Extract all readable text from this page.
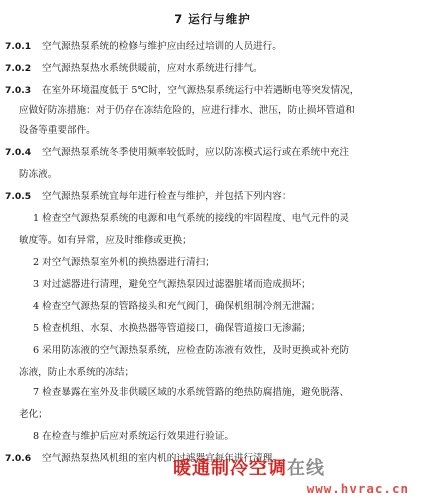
7 运行与维护
7.0.1 空气源热泵系统的检修与维护应由经过培训的人员进行。
7.0.2 空气源热泵热水系统供暖前，应对水系统进行排气。
7.0.3 在室外环境温度低于 5℃时，空气源热泵系统运行中若遇断电等突发情况，
应做好防冻措施：对于仍存在冻结危险的，应进行排水、泄压，防止损坏管道和
设备等重要部件。
7.0.4 空气源热泵系统冬季使用频率较低时，应以防冻模式运行或在系统中充注
防冻液。
7.0.5 空气源热泵系统宜每年进行检查与维护，并包括下列内容：
1 检查空气源热泵系统的电源和电气系统的接线的牢固程度、电气元件的灵
敏度等。如有异常，应及时维修或更换；
2 对空气源热泵室外机的换热器进行清扫；
3 对过滤器进行清理，避免空气源热泵因过滤器脏堵而造成损坏；
4 检查空气源热泵的管路接头和充气阀门，确保机组制冷剂无泄漏；
5 检查机组、水泵、水换热器等管道接口，确保管道接口无渗漏；
6 采用防冻液的空气源热泵系统，应检查防冻液有效性，及时更换或补充防
冻液，防止水系统的冻结；
7 检查暴露在室外及非供暖区域的水系统管路的绝热防腐措施，避免脱落、
老化；
8 在检查与维护后应对系统运行效果进行验证。
7.0.6 空气源热泵热风机组的室内机的过滤器宜每年进行清理。
暖通制冷空调在线
www.hvrac.cn
